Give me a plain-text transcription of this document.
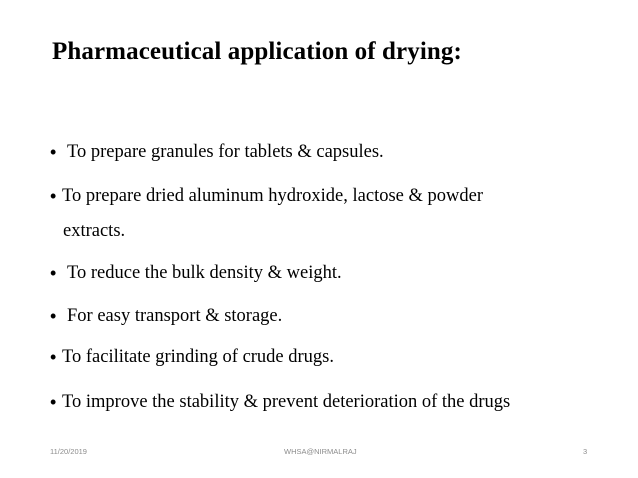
Pharmaceutical application of drying:
• To prepare granules for tablets & capsules.
• To prepare dried aluminum hydroxide, lactose & powder
extracts.
• To reduce the bulk density & weight.
• For easy transport & storage.
• To facilitate grinding of crude drugs.
• To improve the stability & prevent deterioration of the drugs
11/20/2019	WHSA@NIRMALRAJ	3
